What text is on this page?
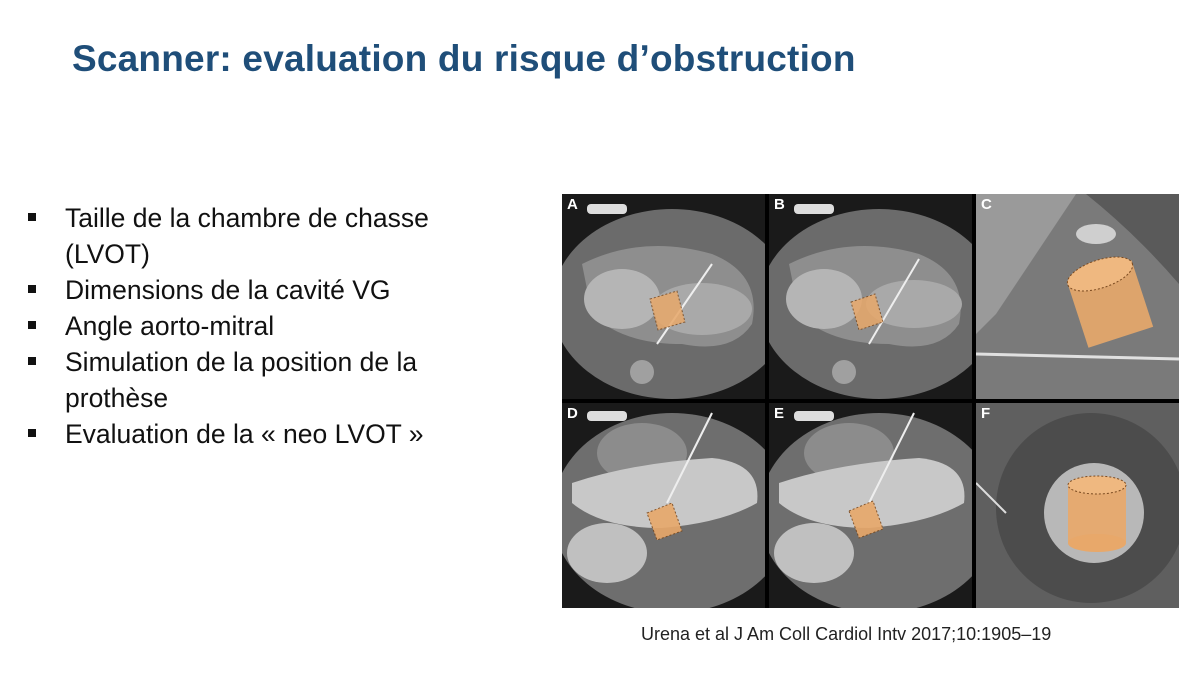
Scanner: evaluation du risque d’obstruction
Taille de la chambre de chasse (LVOT)
Dimensions de la cavité VG
Angle aorto-mitral
Simulation de la position de la prothèse
Evaluation de la « neo LVOT »
A	B	C
D	E	F
Urena et al J Am Coll Cardiol Intv 2017;10:1905–19
